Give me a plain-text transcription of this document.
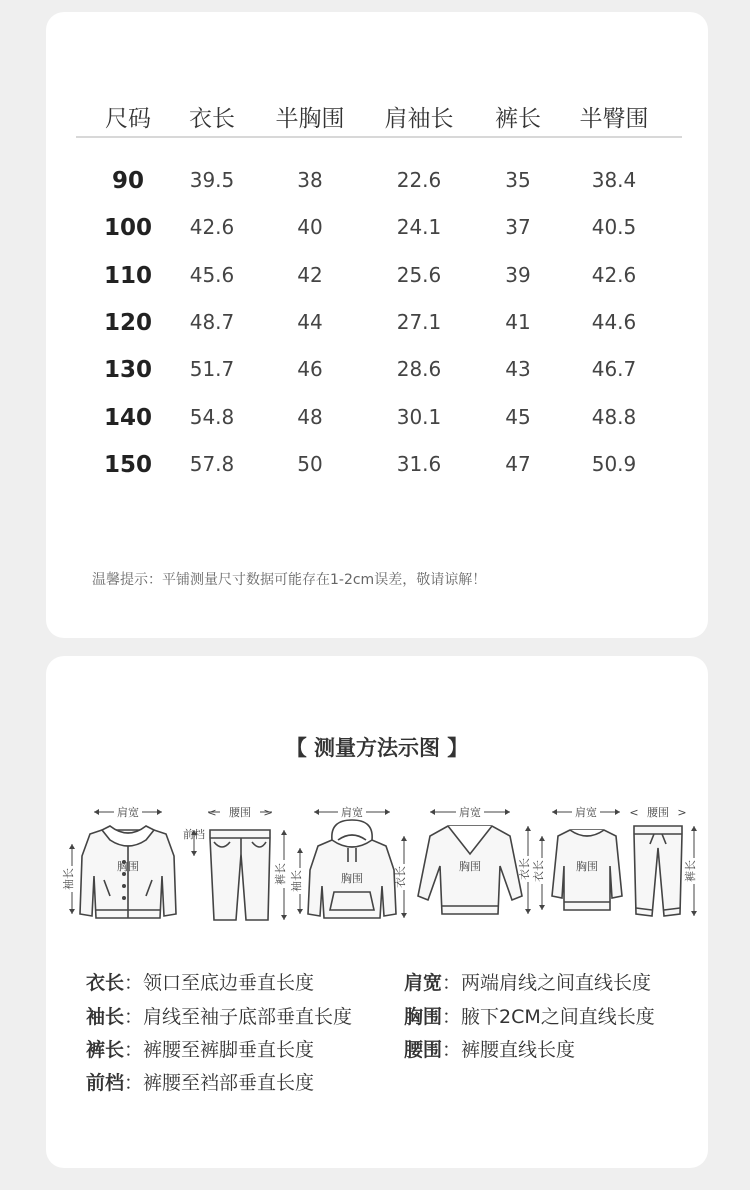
尺码 衣长 半胸围 肩袖长 裤长 半臀围
90 39.5	38	22.6	35	38.4
100 42.6	40	24.1	37	40.5
110 45.6	42	25.6	39	42.6
120 48.7	44	27.1	41	44.6
130 51.7	46	28.6	43	46.7
140 54.8	48	30.1	45	48.8
150 57.8	50	31.6	47	50.9
温馨提示：平铺测量尺寸数据可能存在1-2cm误差，敬请谅解！
【 测量方法示图 】
肩宽
胸围
袖长
腰围
<	>
前档
裤长
肩宽
胸围
袖长	衣长
肩宽
胸围	衣长
肩宽
胸围
衣长
腰围
<	>
裤长
衣长：领口至底边垂直长度	肩宽：两端肩线之间直线长度
袖长：肩线至袖子底部垂直长度	胸围：腋下2CM之间直线长度
裤长：裤腰至裤脚垂直长度	腰围：裤腰直线长度
前档：裤腰至裆部垂直长度
